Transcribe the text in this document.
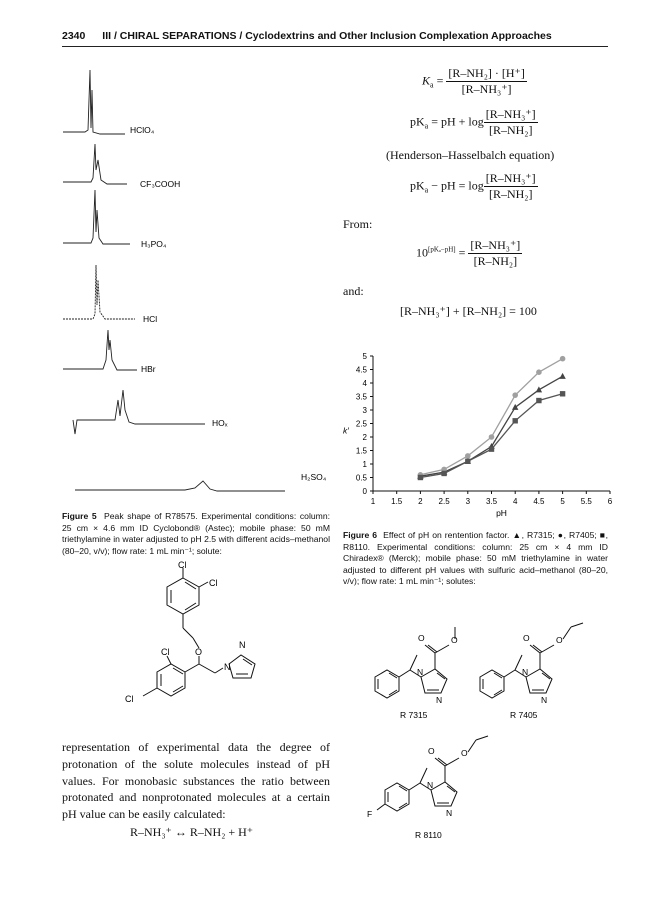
2340 III / CHIRAL SEPARATIONS / Cyclodextrins and Other Inclusion Complexation Approaches
HClO₄
CF₃COOH
H₃PO₄
HCl
HBr
HOₓ
H₂SO₄
Figure 5 Peak shape of R78575. Experimental conditions: column: 25 cm × 4.6 mm ID Cyclobond® (Astec); mobile phase: 50 mM triethylamine in water adjusted to pH 2.5 with different acids–methanol (80–20, v/v); flow rate: 1 mL min⁻¹; solute:
Cl
Cl
O
Cl
Cl
N
N
representation of experimental data the degree of protonation of the solute molecules instead of pH values. For monobasic substances the ratio between protonated and nonprotonated molecules at a certain pH value can be easily calculated:
R–NH₃⁺ ↔ R–NH₂ + H⁺
$K_a = \frac{\text{[R–NH₂] · [H⁺]}}{\text{[R–NH₃⁺]}}$
$pK_a$ = pH + $\log \frac{\text{[R–NH₃⁺]}}{\text{[R–NH₂]}}$
(Henderson–Hasselbalch equation)
$pK_a$ − pH = $\log \frac{\text{[R–NH₃⁺]}}{\text{[R–NH₂]}}$
From:
$10[pK_a-pH] = \frac{\text{[R–NH₃⁺]}}{\text{[R–NH₂]}}$
and:
[R–NH₃⁺] + [R–NH₂] = 100
0
0.5
1
1.5
2
2.5
3
3.5
4
4.5
5
1 1.5 2 2.5 3 3.5 4 4.5 5 5.5 6
pH
k′
Figure 6 Effect of pH on rentention factor. ▲, R7315; ●, R7405; ■, R8110. Experimental conditions: column: 25 cm × 4 mm ID Chiradex® (Merck); mobile phase: 50 mM triethylamine in water adjusted to different pH values with sulfuric acid–methanol (80–20, v/v); flow rate: 1 mL min⁻¹; solutes:
O	O
N
N
O	O
N
N
O	O
N
N
F
R 7315	R 7405
R 8110
